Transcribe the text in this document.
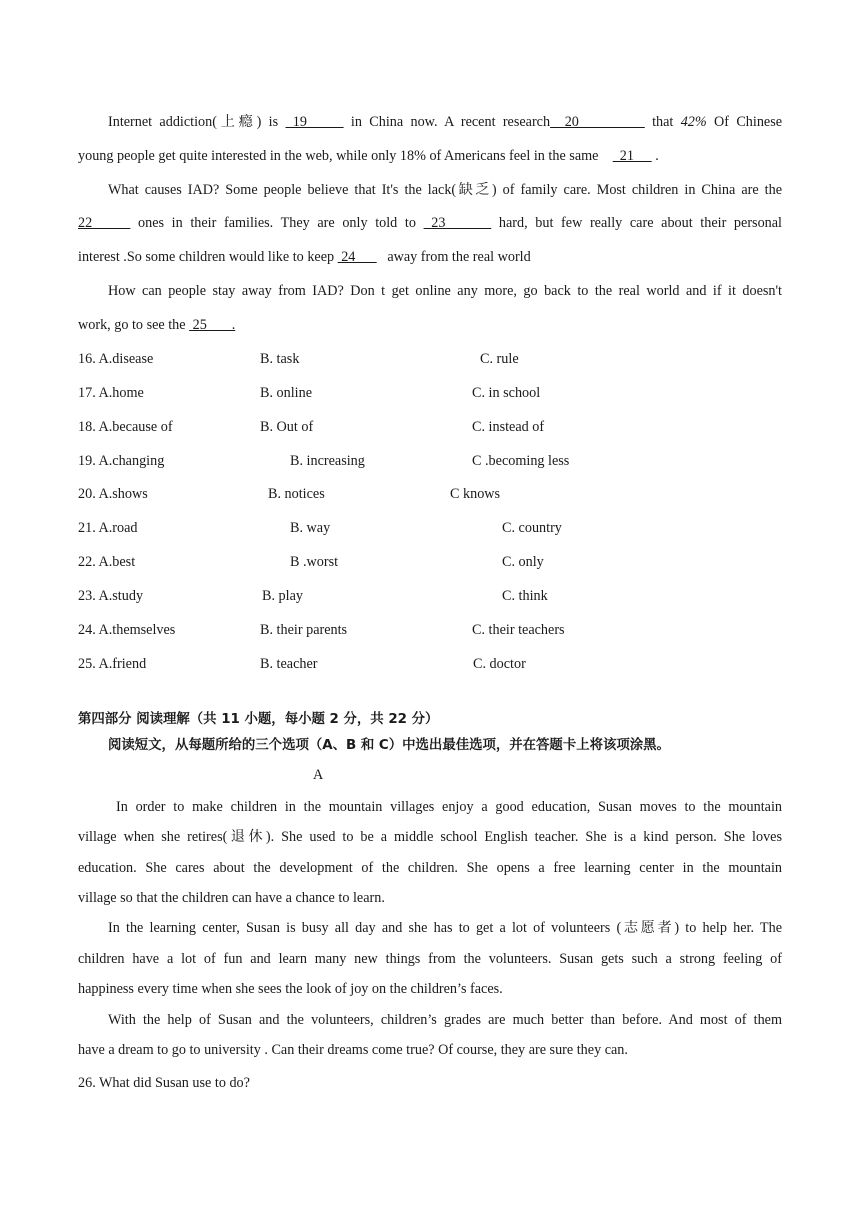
Internet addiction(上瘾) is  19      in China now. A recent research  20          that 42% Of Chinese
young people get quite interested in the web, while only 18% of Americans feel in the same      21      .
What causes IAD? Some people believe that It's the lack(缺乏) of family care. Most children in China are the
22      ones in their families. They are only told to  23       hard, but few really care about their personal
interest .So some children would like to keep  24         away from the real world
How can people stay away from IAD? Don t get online any more, go back to the real world and if it doesn't
work, go to see the  25       .
16. A.disease	B. task	C. rule
17. A.home	B. online	C. in school
18. A.because of	B. Out of	C. instead of
19. A.changing	B. increasing	C .becoming less
20. A.shows	B. notices	C knows
21. A.road	B. way	C. country
22. A.best	B .worst	C. only
23. A.study	B. play	C. think
24. A.themselves	B. their parents	C. their teachers
25. A.friend	B. teacher	C. doctor
第四部分 阅读理解（共 11 小题，每小题 2 分，共 22 分）
阅读短文，从每题所给的三个选项（A、B 和 C）中选出最佳选项，并在答题卡上将该项涂黑。
A
In order to make children in the mountain villages enjoy a good education, Susan moves to the mountain
village when she retires(退休). She used to be a middle school English teacher. She is a kind person. She loves
education. She cares about the development of the children. She opens a free learning center in the mountain
village so that the children can have a chance to learn.
In the learning center, Susan is busy all day and she has to get a lot of volunteers (志愿者) to help her. The
children have a lot of fun and learn many new things from the volunteers. Susan gets such a strong feeling of
happiness every time when she sees the look of joy on the children’s faces.
With the help of Susan and the volunteers, children’s grades are much better than before. And most of them
have a dream to go to university . Can their dreams come true? Of course, they are sure they can.
26. What did Susan use to do?
